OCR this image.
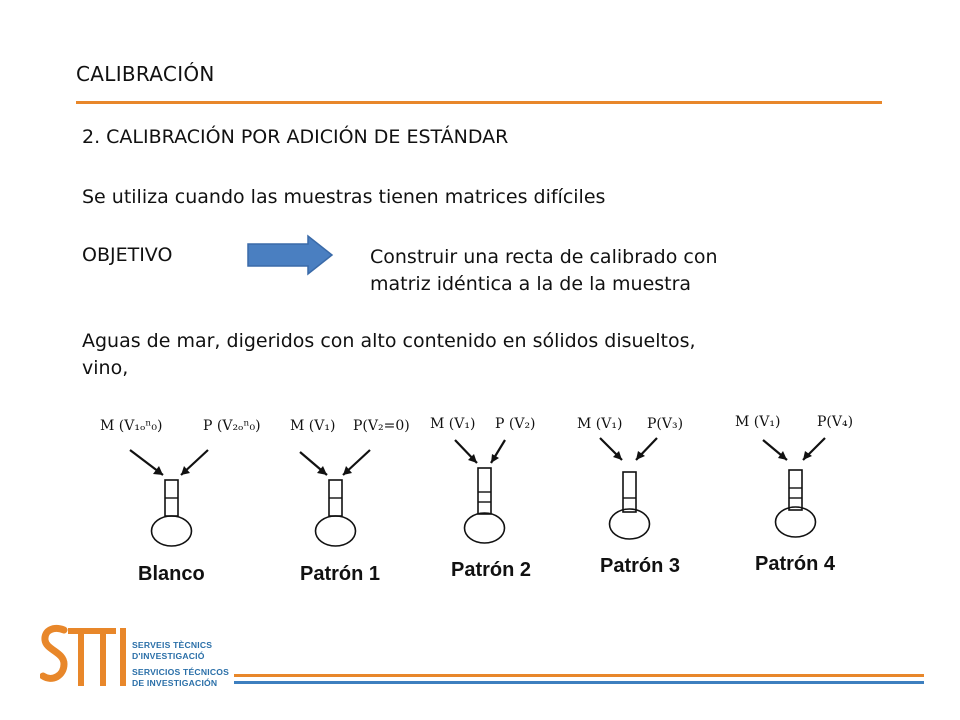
CALIBRACIÓN
2. CALIBRACIÓN POR ADICIÓN DE ESTÁNDAR
Se utiliza cuando las muestras tienen matrices difíciles
OBJETIVO	Construir una recta de calibrado con
matriz idéntica a la de la muestra
Aguas de mar, digeridos con alto contenido en sólidos disueltos,
vino,
M (V₁ₒⁿ₀)	P (V₂ₒⁿ₀)
Blanco
M (V₁) P(V₂=0)
Patrón 1
M (V₁) P (V₂)
Patrón 2
M (V₁) P(V₃)
Patrón 3
M (V₁)	P(V₄)
Patrón 4
SERVEIS TÈCNICS
D'INVESTIGACIÓ
SERVICIOS TÉCNICOS
DE INVESTIGACIÓN
